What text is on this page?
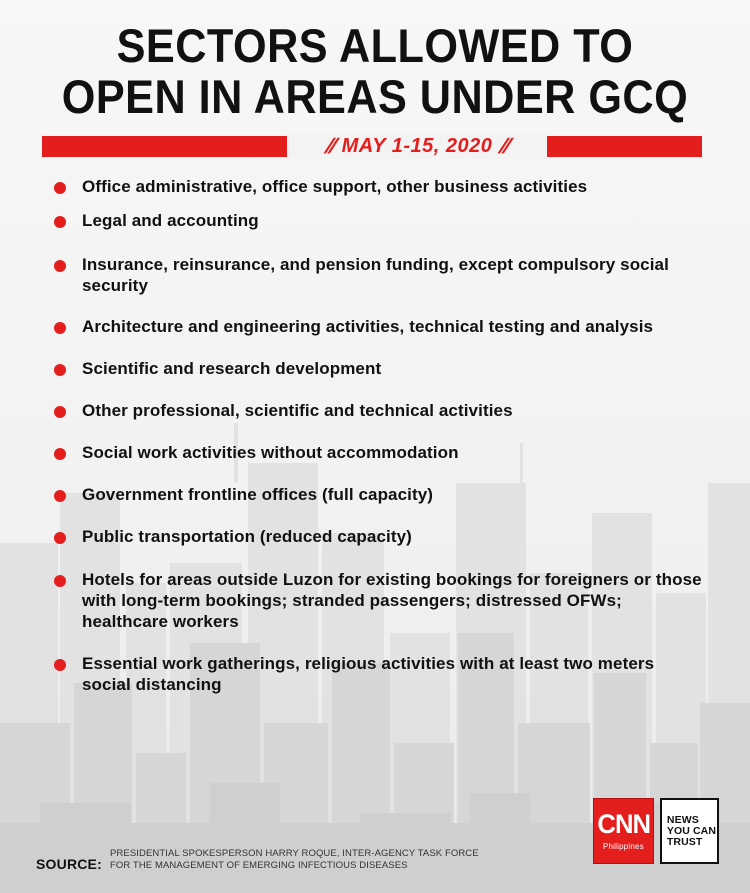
SECTORS ALLOWED TO
OPEN IN AREAS UNDER GCQ
// MAY 1-15, 2020 //
Office administrative, office support, other business activities
Legal and accounting
Insurance, reinsurance, and pension funding, except compulsory social security
Architecture and engineering activities, technical testing and analysis
Scientific and research development
Other professional, scientific and technical activities
Social work activities without accommodation
Government frontline offices (full capacity)
Public transportation (reduced capacity)
Hotels for areas outside Luzon for existing bookings for foreigners or those with long-term bookings; stranded passengers; distressed OFWs; healthcare workers
Essential work gatherings, religious activities with at least two meters social distancing
SOURCE:
PRESIDENTIAL SPOKESPERSON HARRY ROQUE, INTER-AGENCY TASK FORCE
FOR THE MANAGEMENT OF EMERGING INFECTIOUS DISEASES
CNN
Philippines
NEWS
YOU CAN
TRUST
